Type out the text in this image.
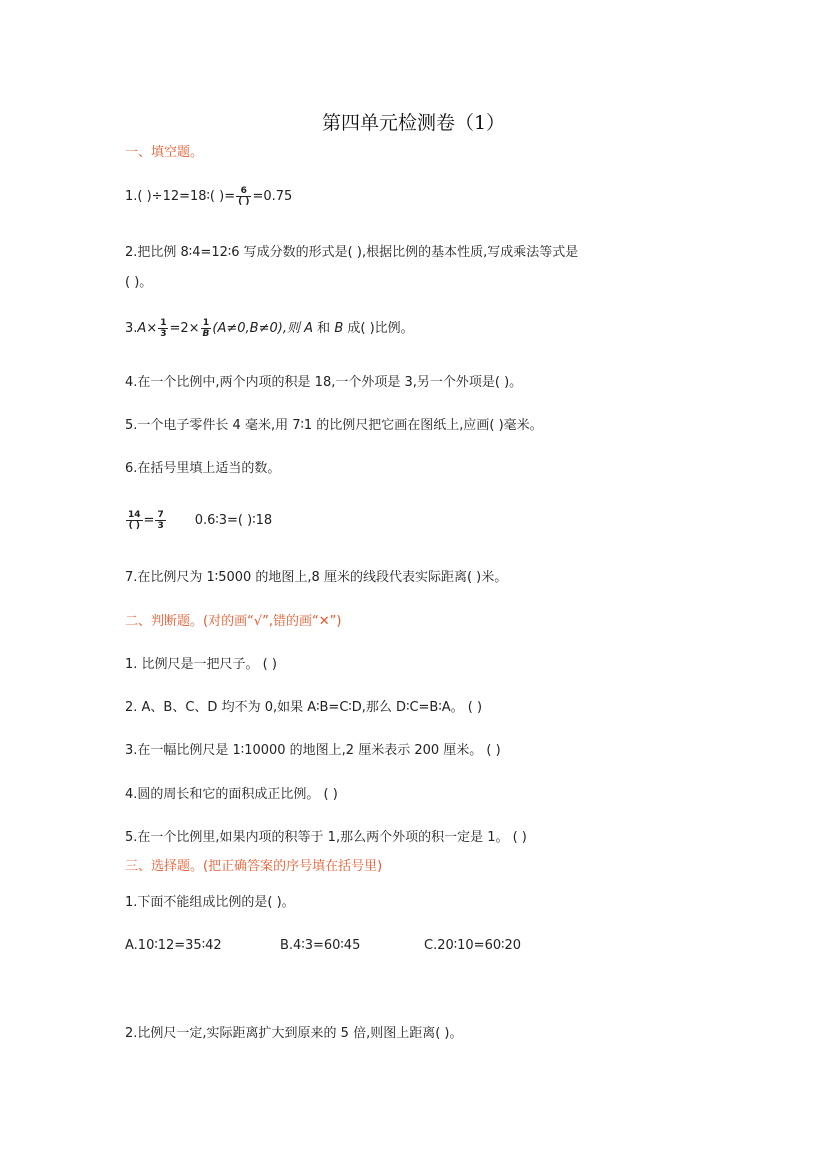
第四单元检测卷（1）
一、填空题。
1.( )÷12=18∶( )= $\frac{6}{( )} =0.75$
2.把比例 8∶4=12∶6 写成分数的形式是( ),根据比例的基本性质,写成乘法等式是
( )。
$3.A\times \frac{1}{3} =2\times \frac{1}{B} (A\ne 0,B\ne 0)$,则 A 和 B 成( )比例。
4.在一个比例中,两个内项的积是 18,一个外项是 3,另一个外项是( )。
5.一个电子零件长 4 毫米,用 7∶1 的比例尺把它画在图纸上,应画( )毫米。
6.在括号里填上适当的数。
$\frac{14}{( )} = \frac{7}{3}$ 0.6∶3=( )∶18
7.在比例尺为 1∶5000 的地图上,8 厘米的线段代表实际距离( )米。
二、判断题。(对的画“√”,错的画“✕”)
1. 比例尺是一把尺子。 ( )
2. A、B、C、D 均不为 0,如果 A∶B=C∶D,那么 D∶C=B∶A。 ( )
3.在一幅比例尺是 1∶10000 的地图上,2 厘米表示 200 厘米。 ( )
4.圆的周长和它的面积成正比例。 ( )
5.在一个比例里,如果内项的积等于 1,那么两个外项的积一定是 1。 ( )
三、选择题。(把正确答案的序号填在括号里)
1.下面不能组成比例的是( )。
A.10∶12=35∶42	B.4∶3=60∶45	C.20∶10=60∶20
2.比例尺一定,实际距离扩大到原来的 5 倍,则图上距离( )。
